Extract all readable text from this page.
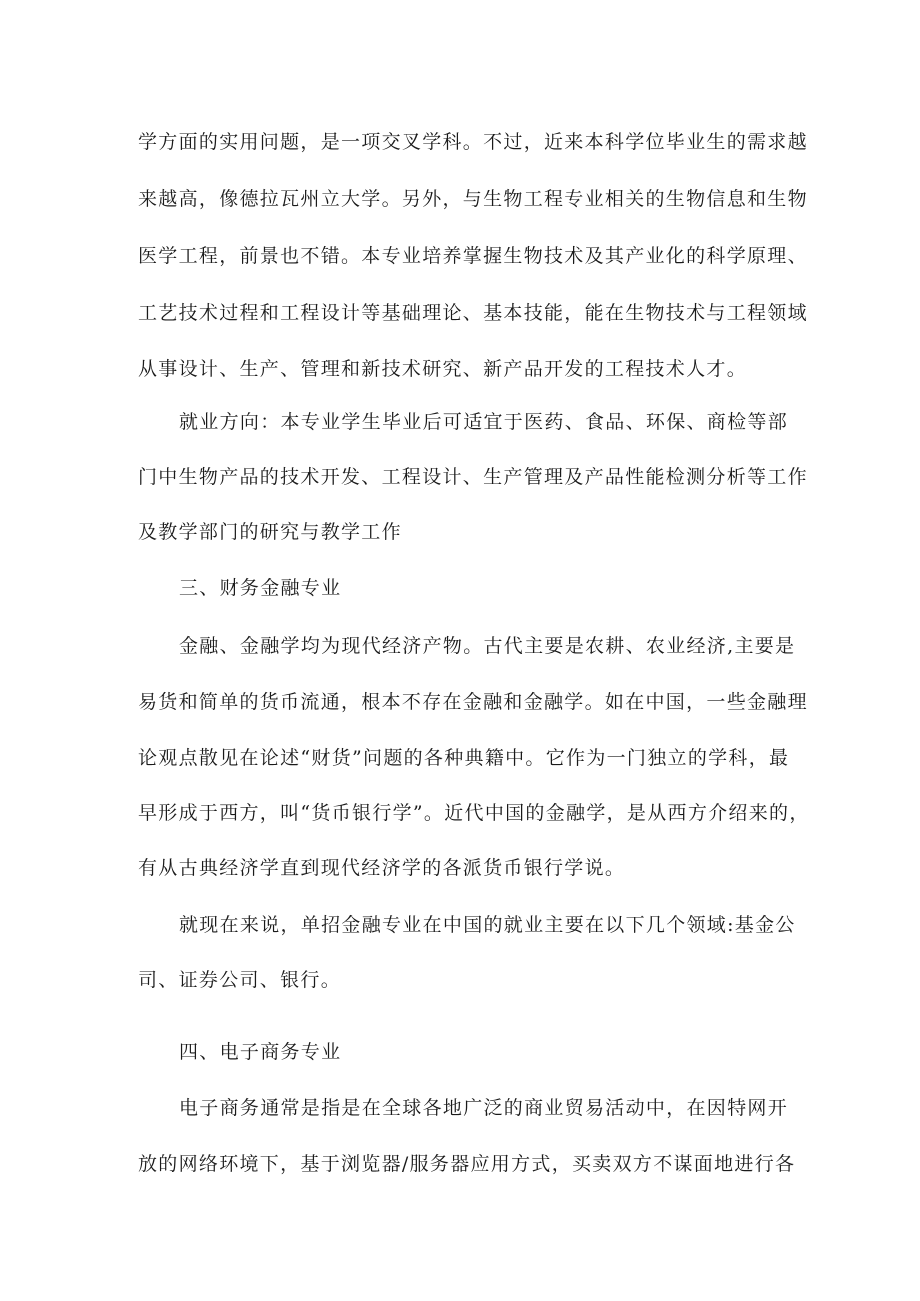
学方面的实用问题，是一项交叉学科。不过，近来本科学位毕业生的需求越
来越高，像德拉瓦州立大学。另外，与生物工程专业相关的生物信息和生物
医学工程，前景也不错。本专业培养掌握生物技术及其产业化的科学原理、
工艺技术过程和工程设计等基础理论、基本技能，能在生物技术与工程领域
从事设计、生产、管理和新技术研究、新产品开发的工程技术人才。
就业方向：本专业学生毕业后可适宜于医药、食品、环保、商检等部
门中生物产品的技术开发、工程设计、生产管理及产品性能检测分析等工作
及教学部门的研究与教学工作
三、财务金融专业
金融、金融学均为现代经济产物。古代主要是农耕、农业经济,主要是
易货和简单的货币流通，根本不存在金融和金融学。如在中国，一些金融理
论观点散见在论述“财货”问题的各种典籍中。它作为一门独立的学科，最
早形成于西方，叫“货币银行学”。近代中国的金融学，是从西方介绍来的，
有从古典经济学直到现代经济学的各派货币银行学说。
就现在来说，单招金融专业在中国的就业主要在以下几个领域:基金公
司、证券公司、银行。
四、电子商务专业
电子商务通常是指是在全球各地广泛的商业贸易活动中，在因特网开
放的网络环境下，基于浏览器/服务器应用方式，买卖双方不谋面地进行各
